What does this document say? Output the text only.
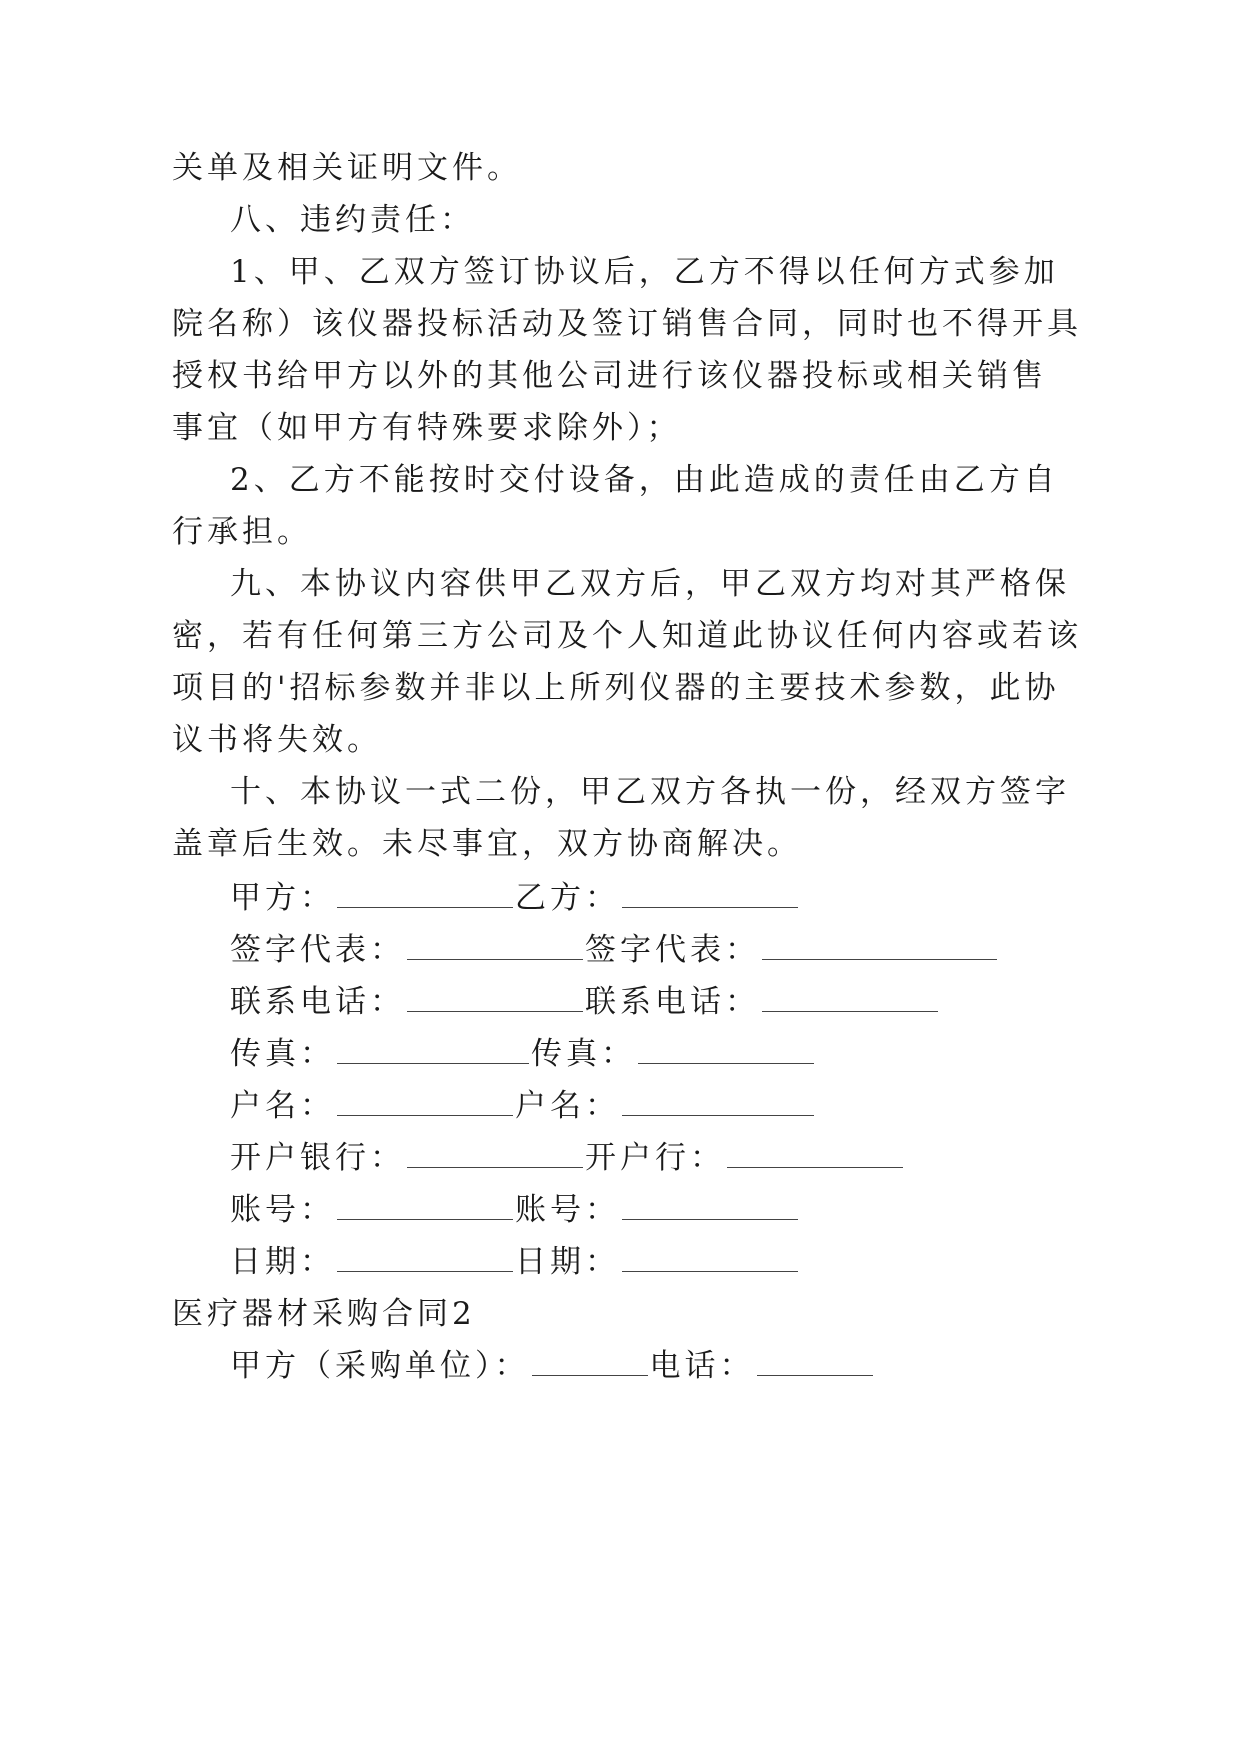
关单及相关证明文件。
八、违约责任：
1、甲、乙双方签订协议后，乙方不得以任何方式参加
院名称）该仪器投标活动及签订销售合同，同时也不得开具
授权书给甲方以外的其他公司进行该仪器投标或相关销售
事宜（如甲方有特殊要求除外）；
2、乙方不能按时交付设备，由此造成的责任由乙方自
行承担。
九、本协议内容供甲乙双方后，甲乙双方均对其严格保
密，若有任何第三方公司及个人知道此协议任何内容或若该
项目的'招标参数并非以上所列仪器的主要技术参数，此协
议书将失效。
十、本协议一式二份，甲乙双方各执一份，经双方签字
盖章后生效。未尽事宜，双方协商解决。
甲方：	乙方：
签字代表：	签字代表：
联系电话：	联系电话：
传真：	传真：
户名：	户名：
开户银行：	开户行：
账号：	账号：
日期：	日期：
医疗器材采购合同2
甲方（采购单位）：	电话：
